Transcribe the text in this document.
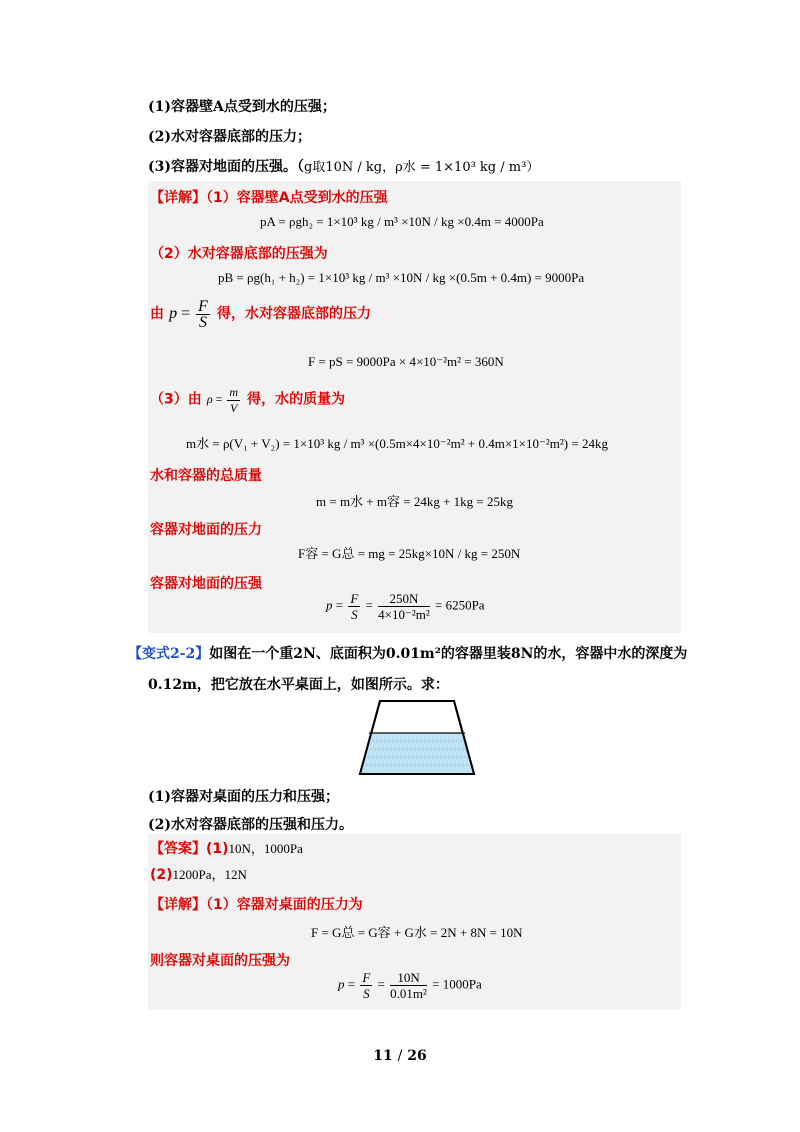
(1)容器壁A点受到水的压强；
(2)水对容器底部的压力；
(3)容器对地面的压强。（g取10N / kg，ρ水 = 1×10³ kg / m³）
【详解】（1）容器壁A点受到水的压强
pA = ρgh₂ = 1×10³ kg / m³ ×10N / kg ×0.4m = 4000Pa
（2）水对容器底部的压强为
pB = ρg(h₁ + h₂) = 1×10³ kg / m³ ×10N / kg ×(0.5m + 0.4m) = 9000Pa
由 $p = \frac{F}{S}$ 得，水对容器底部的压力
F = pS = 9000Pa × 4×10⁻²m² = 360N
（3）由 $\rho = \frac{m}{V}$ 得，水的质量为
m水 = ρ(V₁ + V₂) = 1×10³ kg / m³ ×(0.5m×4×10⁻²m² + 0.4m×1×10⁻²m²) = 24kg
水和容器的总质量
m = m水 + m容 = 24kg + 1kg = 25kg
容器对地面的压力
F容 = G总 = mg = 25kg×10N / kg = 250N
容器对地面的压强
$p = \frac{F}{S} = \frac{250N}{\text{4×10⁻²m²}} = 6250Pa$
【变式2-2】如图在一个重2N、底面积为0.01m²的容器里装8N的水，容器中水的深度为
0.12m，把它放在水平桌面上，如图所示。求：
(1)容器对桌面的压力和压强；
(2)水对容器底部的压强和压力。
【答案】(1)10N，1000Pa
(2)1200Pa，12N
【详解】（1）容器对桌面的压力为
F = G总 = G容 + G水 = 2N + 8N = 10N
则容器对桌面的压强为
$p = \frac{F}{S} = \frac{10N}{\text{0.01m²}} = 1000Pa$
11 / 26
